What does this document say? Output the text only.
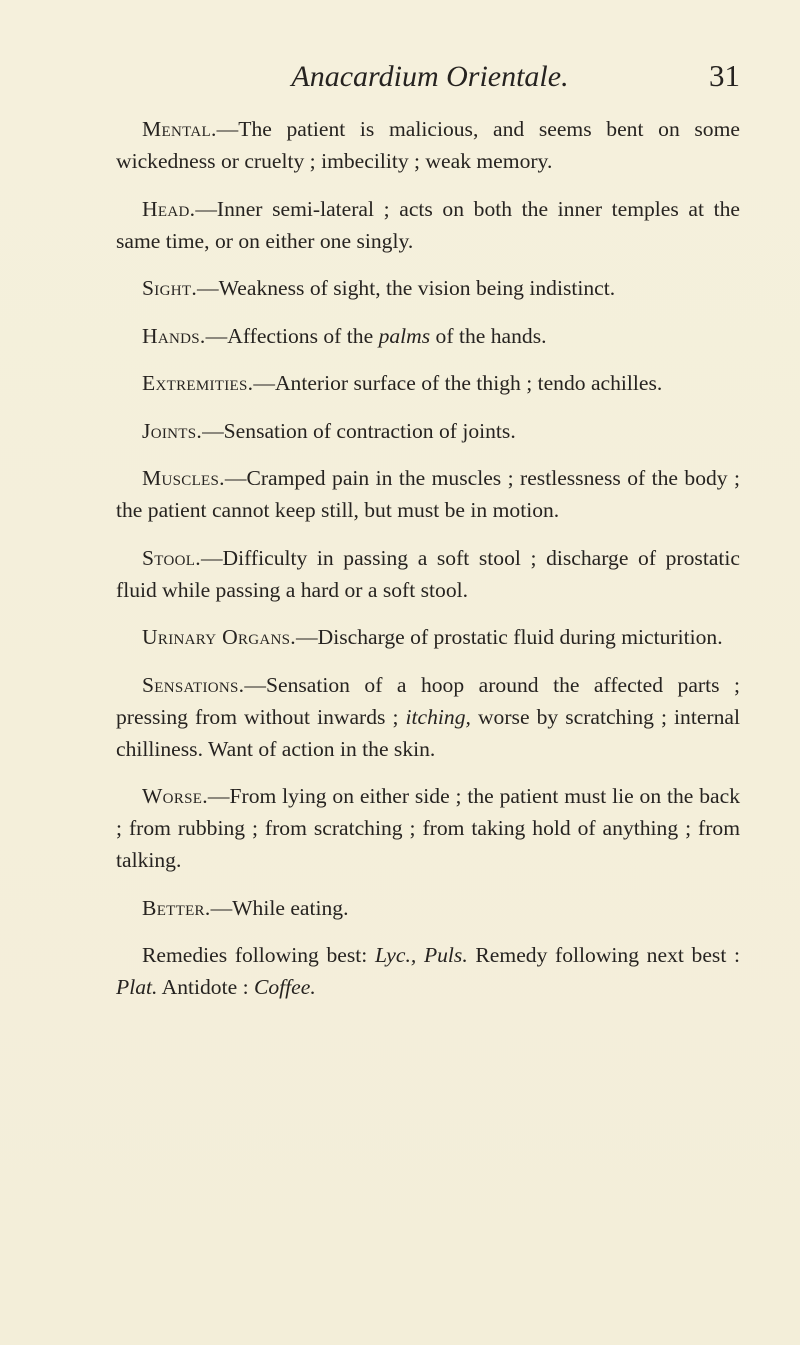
Anacardium Orientale.	31

Mental.—The patient is malicious, and seems bent on some wickedness or cruelty ; imbecility ; weak memory.

Head.—Inner semi-lateral ; acts on both the inner temples at the same time, or on either one singly.

Sight.—Weakness of sight, the vision being indistinct.

Hands.—Affections of the palms of the hands.

Extremities.—Anterior surface of the thigh ; tendo achilles.

Joints.—Sensation of contraction of joints.

Muscles.—Cramped pain in the muscles ; restlessness of the body ; the patient cannot keep still, but must be in motion.

Stool.—Difficulty in passing a soft stool ; discharge of prostatic fluid while passing a hard or a soft stool.

Urinary Organs.—Discharge of prostatic fluid during micturition.

Sensations.—Sensation of a hoop around the affected parts ; pressing from without inwards ; itching, worse by scratching ; internal chilliness. Want of action in the skin.

Worse.—From lying on either side ; the patient must lie on the back ; from rubbing ; from scratching ; from taking hold of anything ; from talking.

Better.—While eating.

Remedies following best: Lyc., Puls. Remedy following next best : Plat. Antidote : Coffee.
